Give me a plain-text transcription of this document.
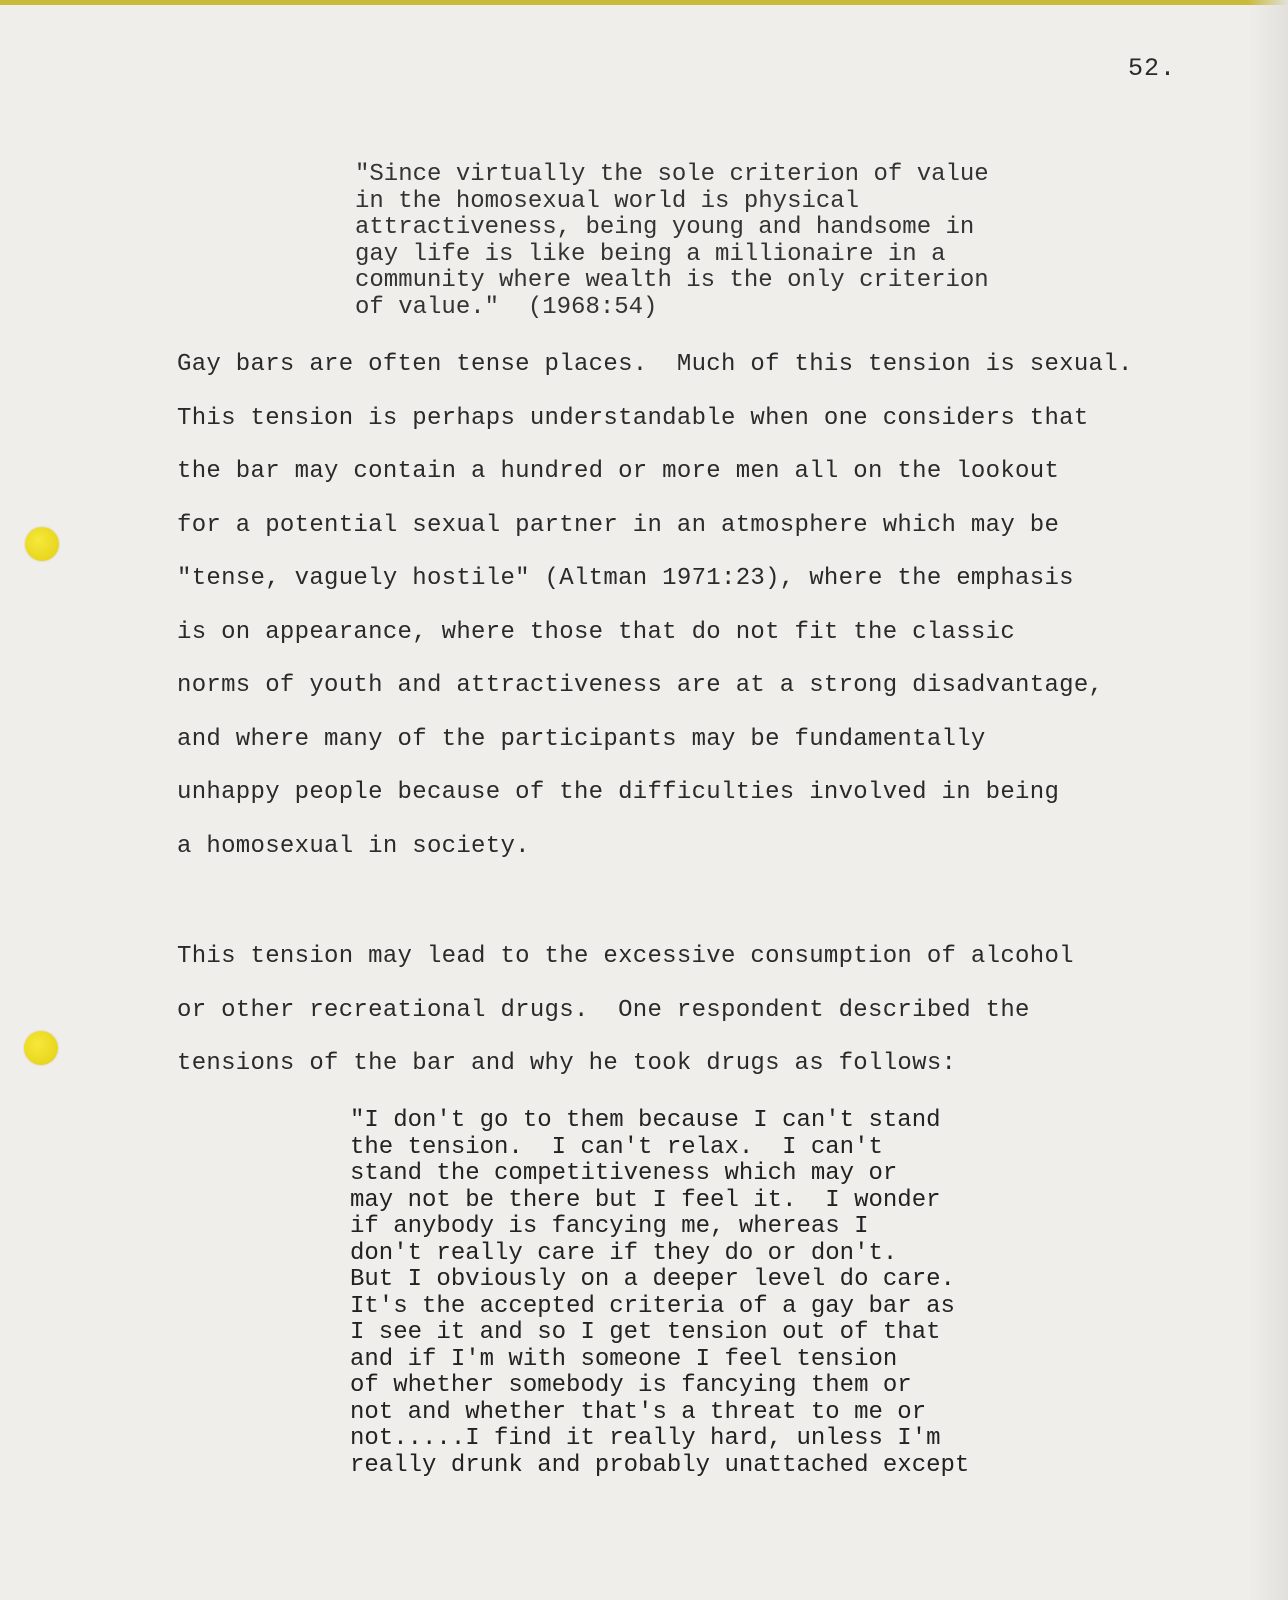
52.
"Since virtually the sole criterion of value
in the homosexual world is physical
attractiveness, being young and handsome in
gay life is like being a millionaire in a
community where wealth is the only criterion
of value."  (1968:54)
Gay bars are often tense places.  Much of this tension is sexual.
This tension is perhaps understandable when one considers that
the bar may contain a hundred or more men all on the lookout
for a potential sexual partner in an atmosphere which may be
"tense, vaguely hostile" (Altman 1971:23), where the emphasis
is on appearance, where those that do not fit the classic
norms of youth and attractiveness are at a strong disadvantage,
and where many of the participants may be fundamentally
unhappy people because of the difficulties involved in being
a homosexual in society.
This tension may lead to the excessive consumption of alcohol
or other recreational drugs.  One respondent described the
tensions of the bar and why he took drugs as follows:
"I don't go to them because I can't stand
the tension.  I can't relax.  I can't
stand the competitiveness which may or
may not be there but I feel it.  I wonder
if anybody is fancying me, whereas I
don't really care if they do or don't.
But I obviously on a deeper level do care.
It's the accepted criteria of a gay bar as
I see it and so I get tension out of that
and if I'm with someone I feel tension
of whether somebody is fancying them or
not and whether that's a threat to me or
not.....I find it really hard, unless I'm
really drunk and probably unattached except
